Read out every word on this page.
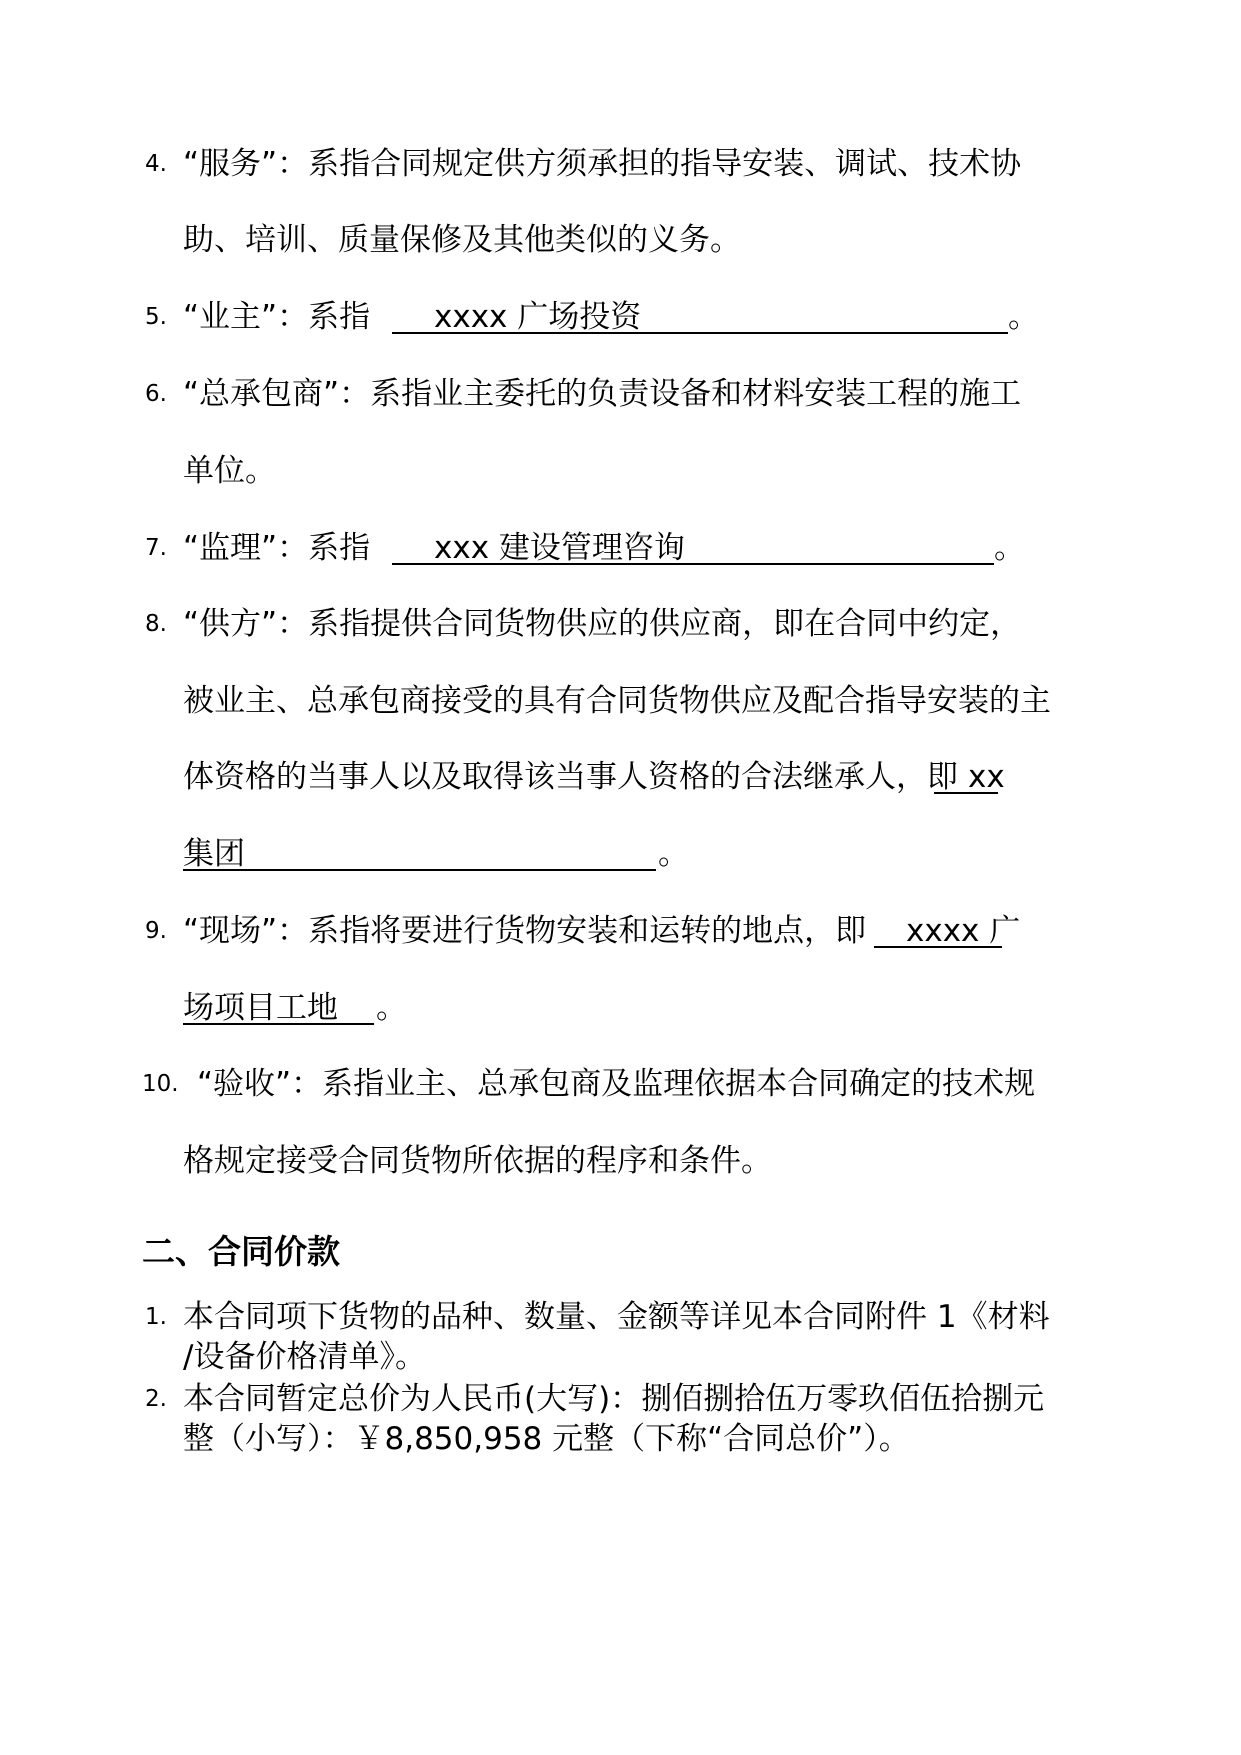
4. “服务”：系指合同规定供方须承担的指导安装、调试、技术协
助、培训、质量保修及其他类似的义务。
5. “业主”：系指 xxxx 广场投资	。
6. “总承包商”：系指业主委托的负责设备和材料安装工程的施工
单位。
7. “监理”：系指 xxx 建设管理咨询	。
8. “供方”：系指提供合同货物供应的供应商，即在合同中约定，
被业主、总承包商接受的具有合同货物供应及配合指导安装的主
体资格的当事人以及取得该当事人资格的合法继承人，即 xx
集团	。
9. “现场”：系指将要进行货物安装和运转的地点，即 xxxx 广
场项目工地 。
10. “验收”：系指业主、总承包商及监理依据本合同确定的技术规
格规定接受合同货物所依据的程序和条件。
二、合同价款
1. 本合同项下货物的品种、数量、金额等详见本合同附件 1《材料
/设备价格清单》。
2. 本合同暂定总价为人民币(大写)：捌佰捌拾伍万零玖佰伍拾捌元
整（小写）：￥8,850,958 元整（下称“合同总价”）。
